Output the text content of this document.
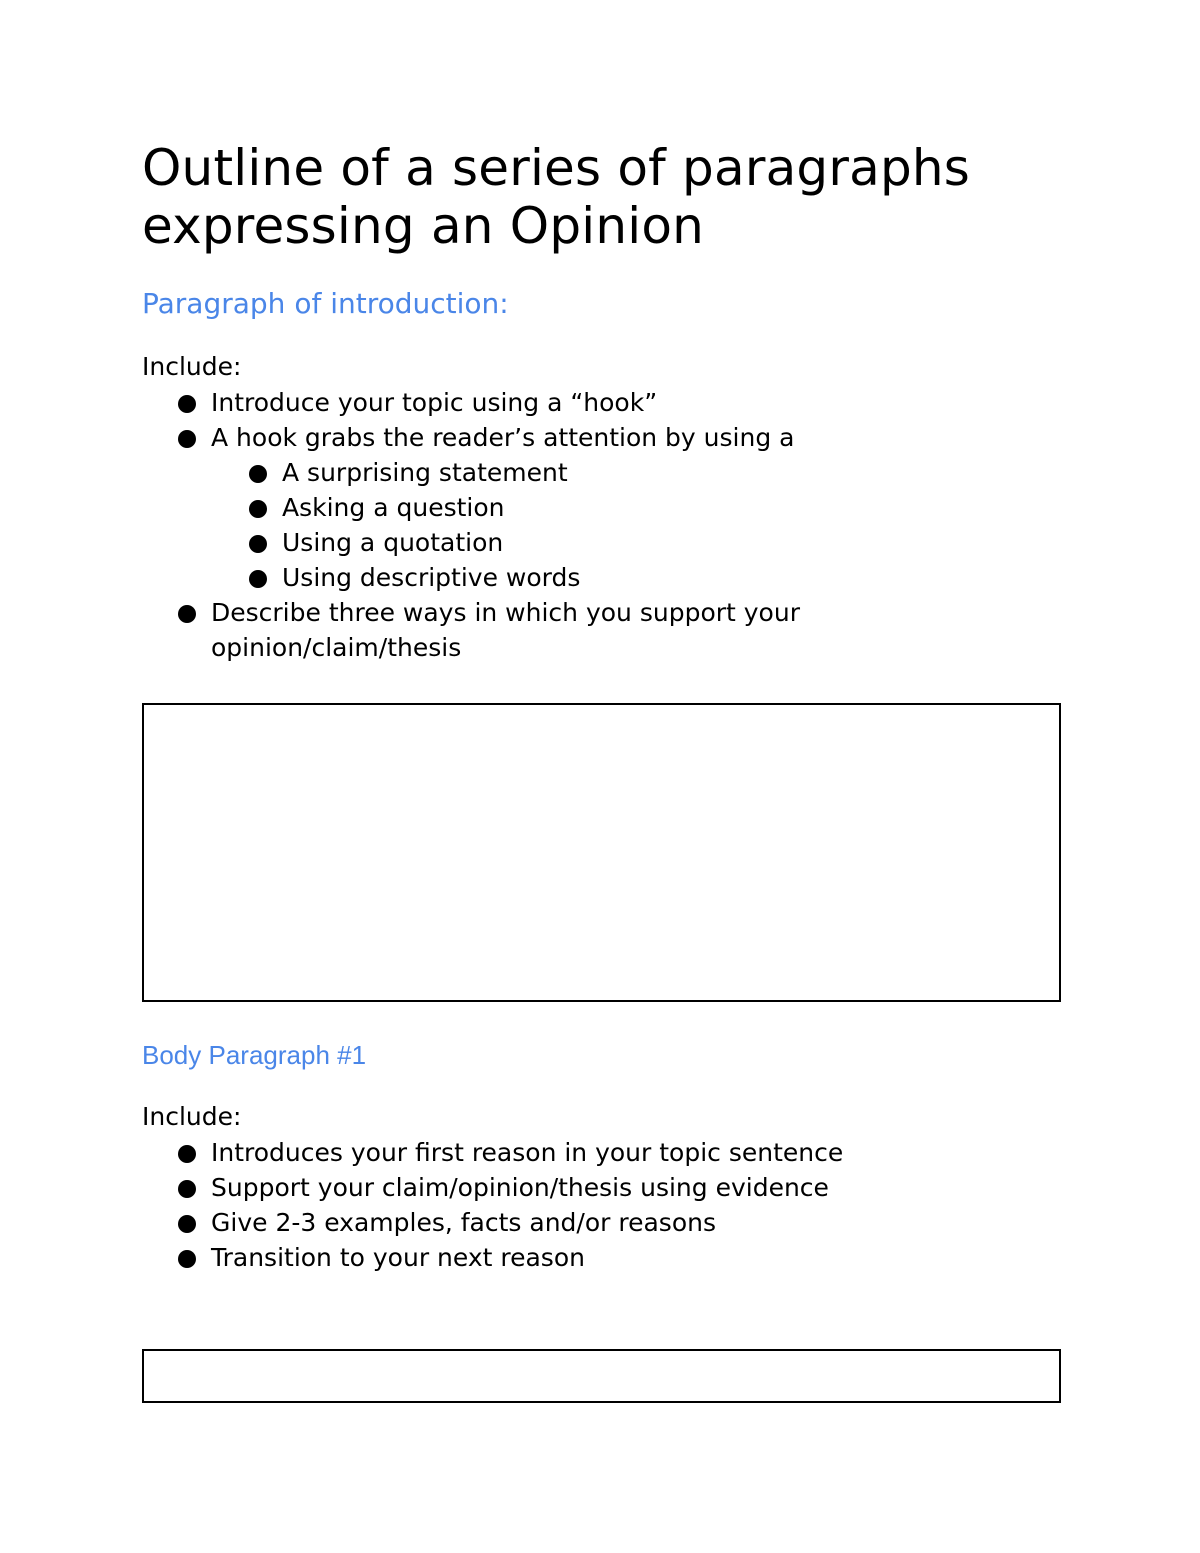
Outline of a series of paragraphs expressing an Opinion
Paragraph of introduction:

Include:

Introduce your topic using a “hook”
A hook grabs the reader’s attention by using a
A surprising statement
Asking a question
Using a quotation
Using descriptive words
Describe three ways in which you support your opinion/claim/thesis
Body Paragraph #1

Include:

Introduces your first reason in your topic sentence
Support your claim/opinion/thesis using evidence
Give 2-3 examples, facts and/or reasons
Transition to your next reason
